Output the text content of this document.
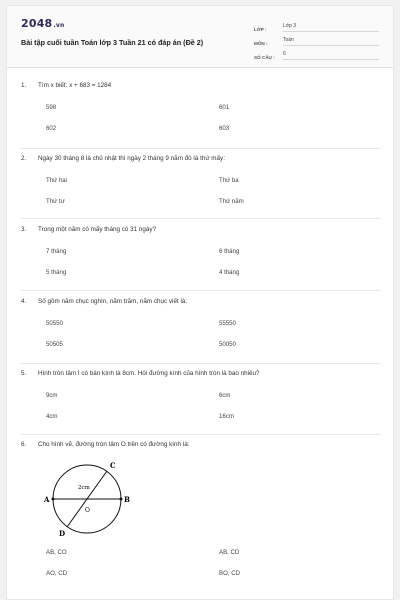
2048.vn
Bài tập cuối tuần Toán lớp 3 Tuần 21 có đáp án (Đề 2)
LỚP :
Lớp 3
MÔN :
Toán
SỐ CÂU :
6
1.	Tìm x biết: x + 683 = 1284
598	601
602	603
2.	Ngày 30 tháng 8 là chủ nhật thì ngày 2 tháng 9 năm đó là thứ mấy:
Thứ hai	Thứ ba
Thứ tư	Thứ năm
3.	Trong một năm có mấy tháng có 31 ngày?
7 tháng	6 tháng
5 tháng	4 tháng
4.	Số gồm năm chục nghìn, năm trăm, năm chục viết là:
50550	55550
50505	50050
5.	Hình tròn tâm I có bán kính là 8cm. Hỏi đường kính của hình tròn là bao nhiêu?
9cm	6cm
4cm	16cm
6.	Cho hình vẽ, đường tròn tâm O trên có đường kính là:
A	B
C
D
O
2cm
AB, CO	AB, CD
AO, CD	BO, CD
